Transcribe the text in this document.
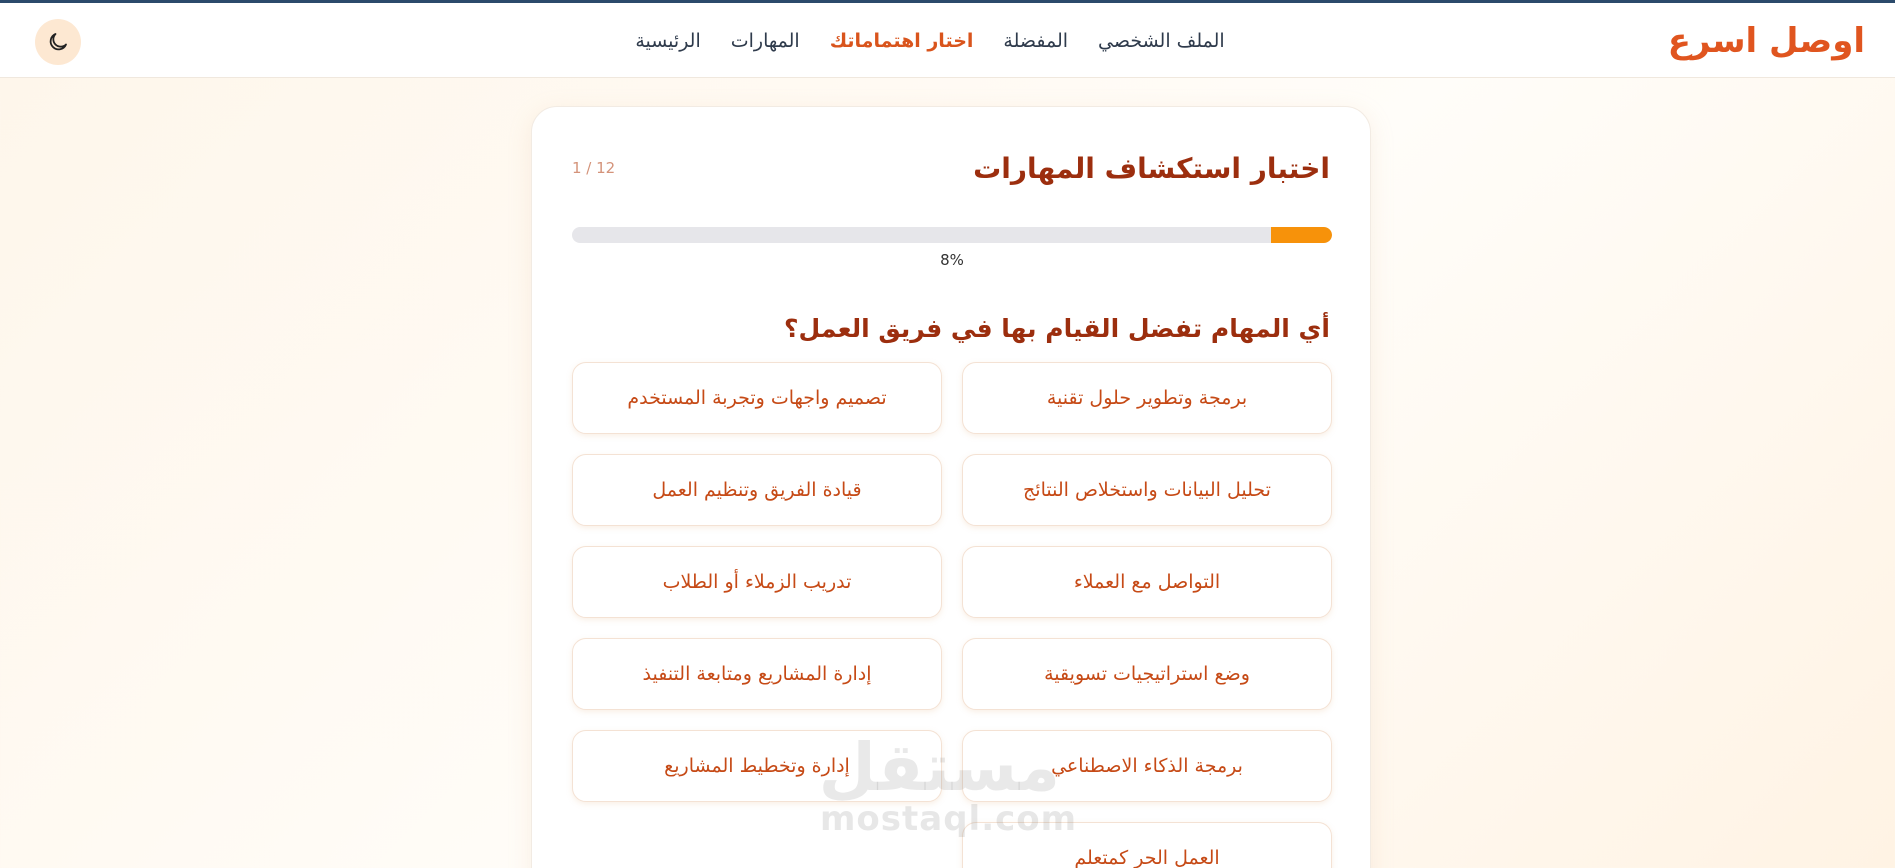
الرئيسية المهارات اختار اهتماماتك المفضلة الملف الشخصي	اوصل اسرع
اختبار استكشاف المهارات
1 / 12
8%
أي المهام تفضل القيام بها في فريق العمل؟
برمجة وتطوير حلول تقنية
تصميم واجهات وتجربة المستخدم
تحليل البيانات واستخلاص النتائج
قيادة الفريق وتنظيم العمل
التواصل مع العملاء
تدريب الزملاء أو الطلاب
وضع استراتيجيات تسويقية
إدارة المشاريع ومتابعة التنفيذ
برمجة الذكاء الاصطناعي
إدارة وتخطيط المشاريع
العمل الحر كمتعلم
